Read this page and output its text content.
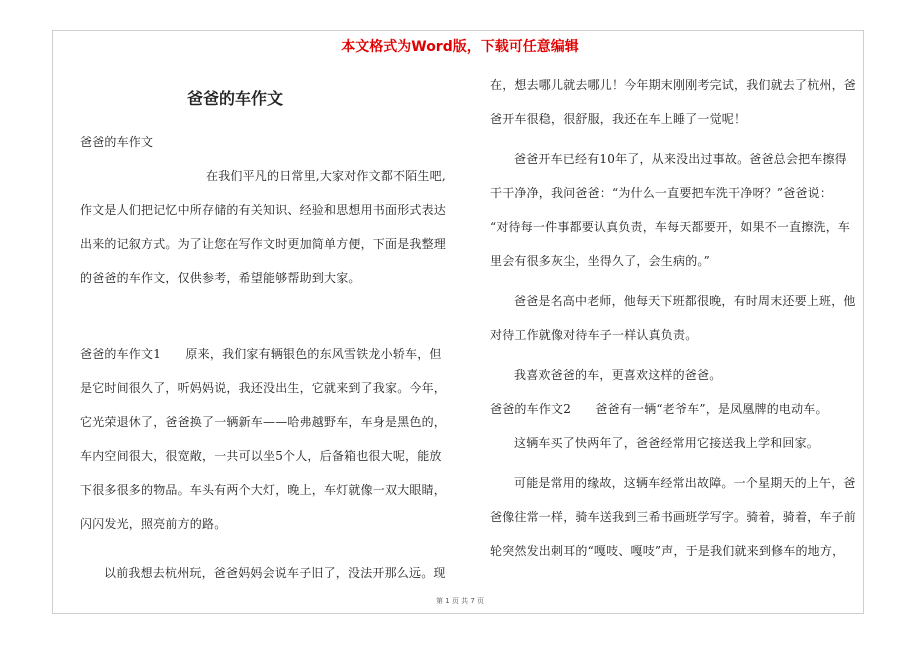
本文格式为Word版，下载可任意编辑
爸爸的车作文
爸爸的车作文
在我们平凡的日常里,大家对作文都不陌生吧,
作文是人们把记忆中所存储的有关知识、经验和思想用书面形式表达
出来的记叙方式。为了让您在写作文时更加简单方便，下面是我整理
的爸爸的车作文，仅供参考，希望能够帮助到大家。
爸爸的车作文1　　原来，我们家有辆银色的东风雪铁龙小轿车，但
是它时间很久了，听妈妈说，我还没出生，它就来到了我家。今年，
它光荣退休了，爸爸换了一辆新车——哈弗越野车，车身是黑色的，
车内空间很大，很宽敞，一共可以坐5个人，后备箱也很大呢，能放
下很多很多的物品。车头有两个大灯，晚上，车灯就像一双大眼睛，
闪闪发光，照亮前方的路。
以前我想去杭州玩，爸爸妈妈会说车子旧了，没法开那么远。现
在，想去哪儿就去哪儿！今年期末刚刚考完试，我们就去了杭州，爸
爸开车很稳，很舒服，我还在车上睡了一觉呢！
爸爸开车已经有10年了，从来没出过事故。爸爸总会把车擦得
干干净净，我问爸爸：“为什么一直要把车洗干净呀？”爸爸说：
“对待每一件事都要认真负责，车每天都要开，如果不一直擦洗，车
里会有很多灰尘，坐得久了，会生病的。”
爸爸是名高中老师，他每天下班都很晚，有时周末还要上班，他
对待工作就像对待车子一样认真负责。
我喜欢爸爸的车，更喜欢这样的爸爸。
爸爸的车作文2　　爸爸有一辆“老爷车”，是凤凰牌的电动车。
这辆车买了快两年了，爸爸经常用它接送我上学和回家。
可能是常用的缘故，这辆车经常出故障。一个星期天的上午，爸
爸像往常一样，骑车送我到三希书画班学写字。骑着，骑着，车子前
轮突然发出刺耳的“嘎吱、嘎吱”声，于是我们就来到修车的地方，
第 1 页 共 7 页
